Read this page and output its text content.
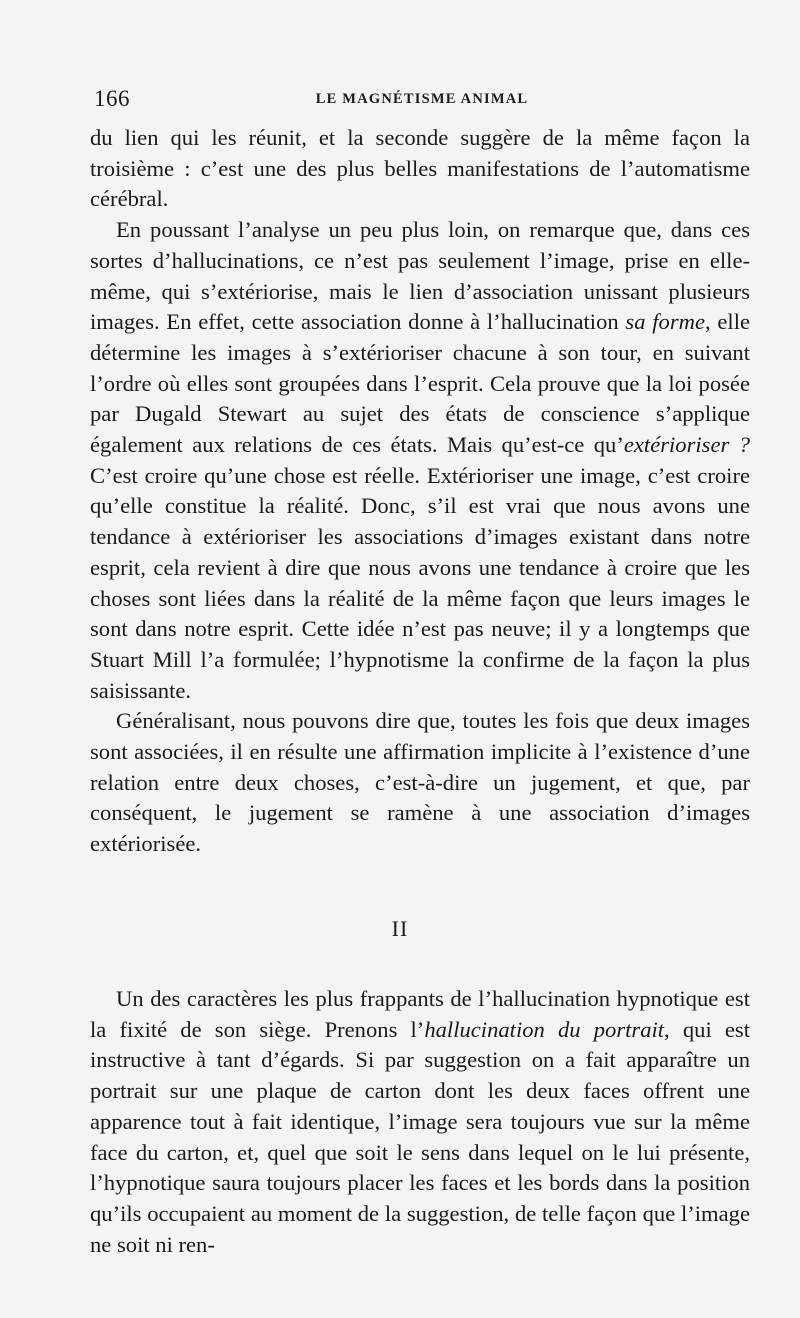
166	LE MAGNÉTISME ANIMAL

du lien qui les réunit, et la seconde suggère de la même façon la troisième : c’est une des plus belles manifestations de l’automatisme cérébral.

En poussant l’analyse un peu plus loin, on remarque que, dans ces sortes d’hallucinations, ce n’est pas seulement l’image, prise en elle-même, qui s’extériorise, mais le lien d’association unissant plusieurs images. En effet, cette association donne à l’hallucination sa forme, elle détermine les images à s’extérioriser chacune à son tour, en suivant l’ordre où elles sont groupées dans l’esprit. Cela prouve que la loi posée par Dugald Stewart au sujet des états de conscience s’applique également aux relations de ces états. Mais qu’est-ce qu’extérioriser ? C’est croire qu’une chose est réelle. Extérioriser une image, c’est croire qu’elle constitue la réalité. Donc, s’il est vrai que nous avons une tendance à extérioriser les associations d’images existant dans notre esprit, cela revient à dire que nous avons une tendance à croire que les choses sont liées dans la réalité de la même façon que leurs images le sont dans notre esprit. Cette idée n’est pas neuve; il y a longtemps que Stuart Mill l’a formulée; l’hypnotisme la confirme de la façon la plus saisissante.

Généralisant, nous pouvons dire que, toutes les fois que deux images sont associées, il en résulte une affirmation implicite à l’existence d’une relation entre deux choses, c’est-à-dire un jugement, et que, par conséquent, le jugement se ramène à une association d’images extériorisée.

II

Un des caractères les plus frappants de l’hallucination hypnotique est la fixité de son siège. Prenons l’hallucination du portrait, qui est instructive à tant d’égards. Si par suggestion on a fait apparaître un portrait sur une plaque de carton dont les deux faces offrent une apparence tout à fait identique, l’image sera toujours vue sur la même face du carton, et, quel que soit le sens dans lequel on le lui présente, l’hypnotique saura toujours placer les faces et les bords dans la position qu’ils occupaient au moment de la suggestion, de telle façon que l’image ne soit ni ren-
